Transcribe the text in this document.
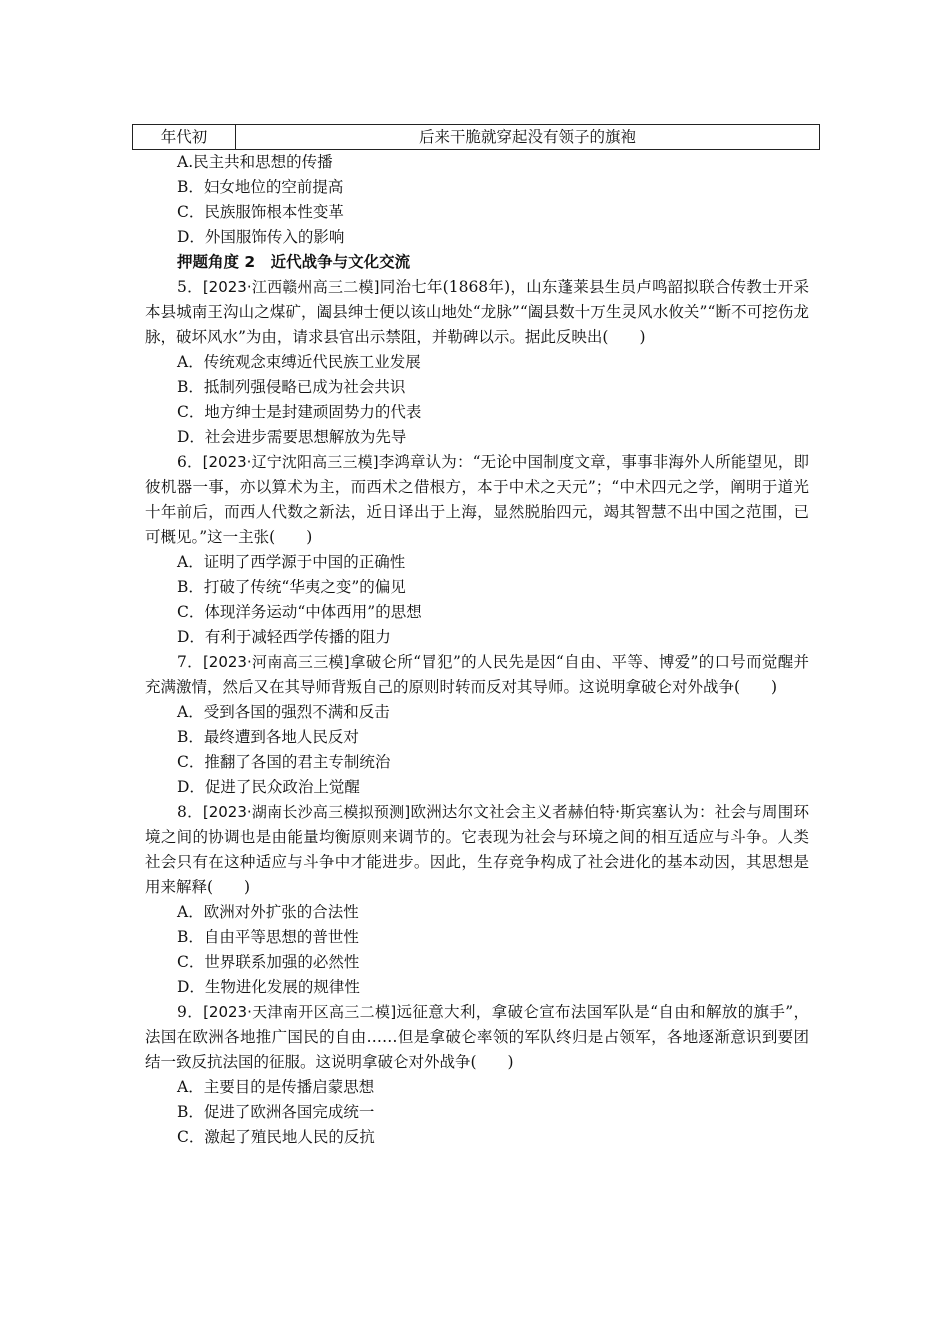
年代初	后来干脆就穿起没有领子的旗袍
A.民主共和思想的传播
B．妇女地位的空前提高
C．民族服饰根本性变革
D．外国服饰传入的影响
押题角度 2　近代战争与文化交流

5．[2023·江西赣州高三二模]同治七年(1868年)，山东蓬莱县生员卢鸣韶拟联合传教士开采本县城南王沟山之煤矿，阖县绅士便以该山地处“龙脉”“阖县数十万生灵风水攸关”“断不可挖伤龙脉，破坏风水”为由，请求县官出示禁阻，并勒碑以示。据此反映出(　　)

A．传统观念束缚近代民族工业发展
B．抵制列强侵略已成为社会共识
C．地方绅士是封建顽固势力的代表
D．社会进步需要思想解放为先导

6．[2023·辽宁沈阳高三三模]李鸿章认为：“无论中国制度文章，事事非海外人所能望见，即彼机器一事，亦以算术为主，而西术之借根方，本于中术之天元”；“中术四元之学，阐明于道光十年前后，而西人代数之新法，近日译出于上海，显然脱胎四元，竭其智慧不出中国之范围，已可概见。”这一主张(　　)

A．证明了西学源于中国的正确性
B．打破了传统“华夷之变”的偏见
C．体现洋务运动“中体西用”的思想
D．有利于减轻西学传播的阻力

7．[2023·河南高三三模]拿破仑所“冒犯”的人民先是因“自由、平等、博爱”的口号而觉醒并充满激情，然后又在其导师背叛自己的原则时转而反对其导师。这说明拿破仑对外战争(　　)

A．受到各国的强烈不满和反击
B．最终遭到各地人民反对
C．推翻了各国的君主专制统治
D．促进了民众政治上觉醒

8．[2023·湖南长沙高三模拟预测]欧洲达尔文社会主义者赫伯特·斯宾塞认为：社会与周围环境之间的协调也是由能量均衡原则来调节的。它表现为社会与环境之间的相互适应与斗争。人类社会只有在这种适应与斗争中才能进步。因此，生存竞争构成了社会进化的基本动因，其思想是用来解释(　　)

A．欧洲对外扩张的合法性
B．自由平等思想的普世性
C．世界联系加强的必然性
D．生物进化发展的规律性

9．[2023·天津南开区高三二模]远征意大利，拿破仑宣布法国军队是“自由和解放的旗手”，法国在欧洲各地推广国民的自由……但是拿破仑率领的军队终归是占领军，各地逐渐意识到要团结一致反抗法国的征服。这说明拿破仑对外战争(　　)

A．主要目的是传播启蒙思想
B．促进了欧洲各国完成统一
C．激起了殖民地人民的反抗
